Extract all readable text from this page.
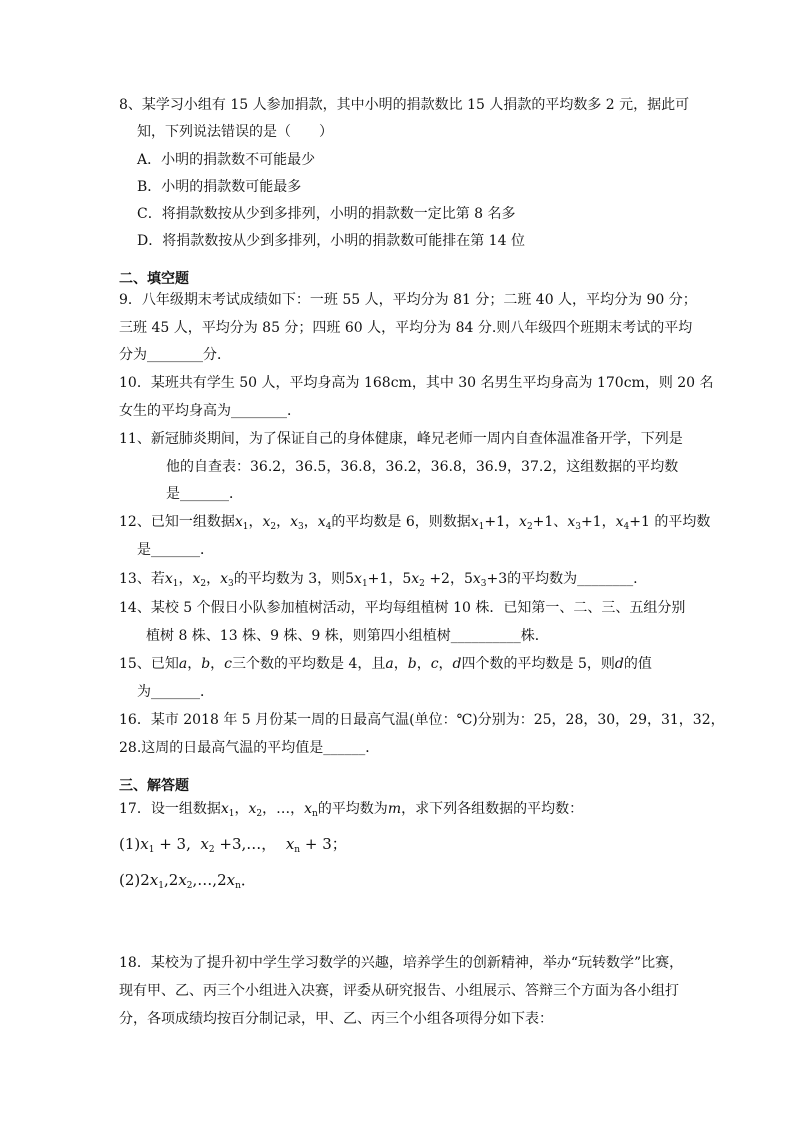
8、某学习小组有 15 人参加捐款，其中小明的捐款数比 15 人捐款的平均数多 2 元，据此可
知，下列说法错误的是（　　）
A．小明的捐款数不可能最少
B．小明的捐款数可能最多
C．将捐款数按从少到多排列，小明的捐款数一定比第 8 名多
D．将捐款数按从少到多排列，小明的捐款数可能排在第 14 位
二、填空题
9．八年级期末考试成绩如下：一班 55 人，平均分为 81 分；二班 40 人，平均分为 90 分；
三班 45 人，平均分为 85 分；四班 60 人，平均分为 84 分.则八年级四个班期末考试的平均
分为________分．
10．某班共有学生 50 人，平均身高为 168cm，其中 30 名男生平均身高为 170cm，则 20 名
女生的平均身高为________．
11、新冠肺炎期间，为了保证自己的身体健康，峰兄老师一周内自查体温准备开学，下列是
他的自查表：36.2，36.5，36.8，36.2，36.8，36.9，37.2，这组数据的平均数
是_______．
12、已知一组数据$x_1$，$x_2$，$x_3$，$x_4$的平均数是 6，则数据$x_1+1$，$x_2+1$、$x_3+1$，$x_4+1$ 的平均数
是_______．
13、若$x_1$，$x_2$，$x_3$的平均数为 3，则$5x_1+1$，$5x_2 +2$，$5x_3+3$的平均数为________.
14、某校 5 个假日小队参加植树活动，平均每组植树 10 株．已知第一、二、三、五组分别
植树 8 株、13 株、9 株、9 株，则第四小组植树__________株．
15、已知a，b，c三个数的平均数是 4，且a，b，c，d四个数的平均数是 5，则d的值
为_______．
16．某市 2018 年 5 月份某一周的日最高气温(单位：℃)分别为：25，28，30，29，31，32，
28.这周的日最高气温的平均值是______．
三、解答题
17．设一组数据$x_1$，$x_2$，…，$x_n$的平均数为m，求下列各组数据的平均数：
$(1)x_1 + 3$, $x_2$ +3,…， $x_n + 3$；
$(2)2x_1,2x_2,\dots,2x_n$．
18．某校为了提升初中学生学习数学的兴趣，培养学生的创新精神，举办“玩转数学”比赛，
现有甲、乙、丙三个小组进入决赛，评委从研究报告、小组展示、答辩三个方面为各小组打
分，各项成绩均按百分制记录，甲、乙、丙三个小组各项得分如下表：
